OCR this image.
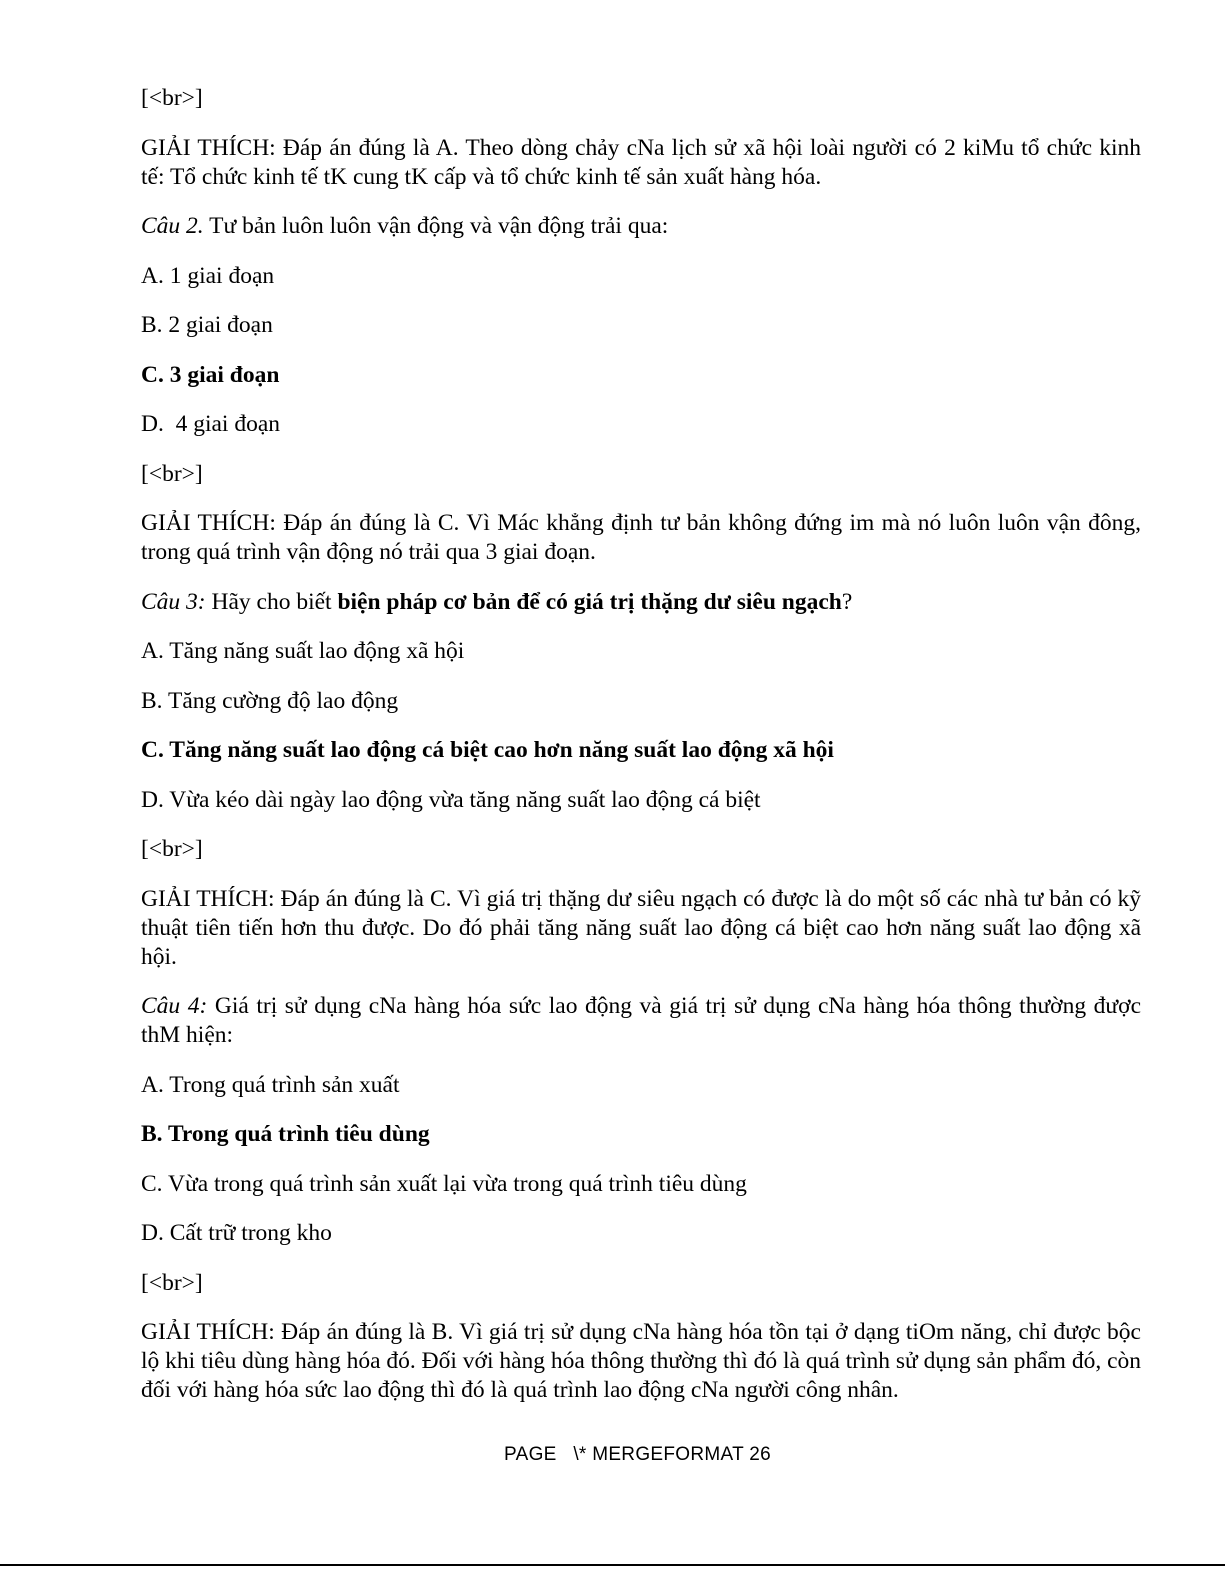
[<br>]

GIẢI THÍCH: Đáp án đúng là A. Theo dòng chảy cNa lịch sử xã hội loài người có 2 kiMu tổ chức kinh tế: Tổ chức kinh tế tK cung tK cấp và tổ chức kinh tế sản xuất hàng hóa.

Câu 2. Tư bản luôn luôn vận động và vận động trải qua:

A. 1 giai đoạn

B. 2 giai đoạn

C. 3 giai đoạn

D.  4 giai đoạn

[<br>]

GIẢI THÍCH: Đáp án đúng là C. Vì Mác khẳng định tư bản không đứng im mà nó luôn luôn vận đông, trong quá trình vận động nó trải qua 3 giai đoạn.

Câu 3: Hãy cho biết biện pháp cơ bản để có giá trị thặng dư siêu ngạch?

A. Tăng năng suất lao động xã hội

B. Tăng cường độ lao động

C. Tăng năng suất lao động cá biệt cao hơn năng suất lao động xã hội

D. Vừa kéo dài ngày lao động vừa tăng năng suất lao động cá biệt

[<br>]

GIẢI THÍCH: Đáp án đúng là C. Vì giá trị thặng dư siêu ngạch có được là do một số các nhà tư bản có kỹ thuật tiên tiến hơn thu được. Do đó phải tăng năng suất lao động cá biệt cao hơn năng suất lao động xã hội.

Câu 4: Giá trị sử dụng cNa hàng hóa sức lao động và giá trị sử dụng cNa hàng hóa thông thường được thM hiện:

A. Trong quá trình sản xuất

B. Trong quá trình tiêu dùng

C. Vừa trong quá trình sản xuất lại vừa trong quá trình tiêu dùng

D. Cất trữ trong kho

[<br>]

GIẢI THÍCH: Đáp án đúng là B. Vì giá trị sử dụng cNa hàng hóa tồn tại ở dạng tiOm năng, chỉ được bộc lộ khi tiêu dùng hàng hóa đó. Đối với hàng hóa thông thường thì đó là quá trình sử dụng sản phẩm đó, còn đối với hàng hóa sức lao động thì đó là quá trình lao động cNa người công nhân.

PAGE   \* MERGEFORMAT 26
